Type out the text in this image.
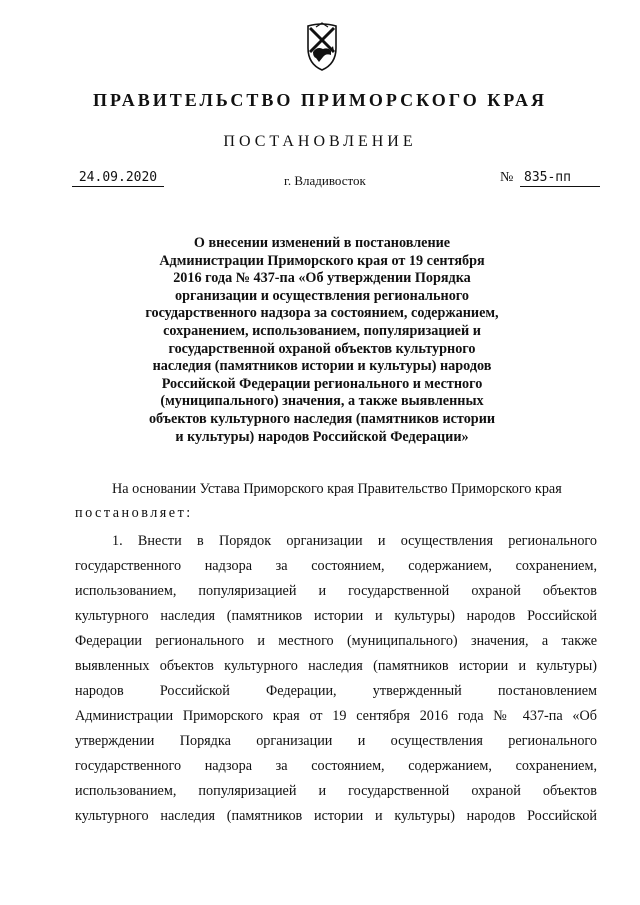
ПРАВИТЕЛЬСТВО ПРИМОРСКОГО КРАЯ
ПОСТАНОВЛЕНИЕ
24.09.2020	г. Владивосток	№ 835-пп
О внесении изменений в постановление
Администрации Приморского края от 19 сентября
2016 года № 437-па «Об утверждении Порядка
организации и осуществления регионального
государственного надзора за состоянием, содержанием,
сохранением, использованием, популяризацией и
государственной охраной объектов культурного
наследия (памятников истории и культуры) народов
Российской Федерации регионального и местного
(муниципального) значения, а также выявленных
объектов культурного наследия (памятников истории
и культуры) народов Российской Федерации»
На основании Устава Приморского края Правительство Приморского края
постановляет:
1. Внести в Порядок организации и осуществления регионального
государственного надзора за состоянием, содержанием, сохранением,
использованием, популяризацией и государственной охраной объектов
культурного наследия (памятников истории и культуры) народов Российской
Федерации регионального и местного (муниципального) значения, а также
выявленных объектов культурного наследия (памятников истории и культуры)
народов Российской Федерации, утвержденный постановлением
Администрации Приморского края от 19 сентября 2016 года № 437-па «Об
утверждении Порядка организации и осуществления регионального
государственного надзора за состоянием, содержанием, сохранением,
использованием, популяризацией и государственной охраной объектов
культурного наследия (памятников истории и культуры) народов Российской
